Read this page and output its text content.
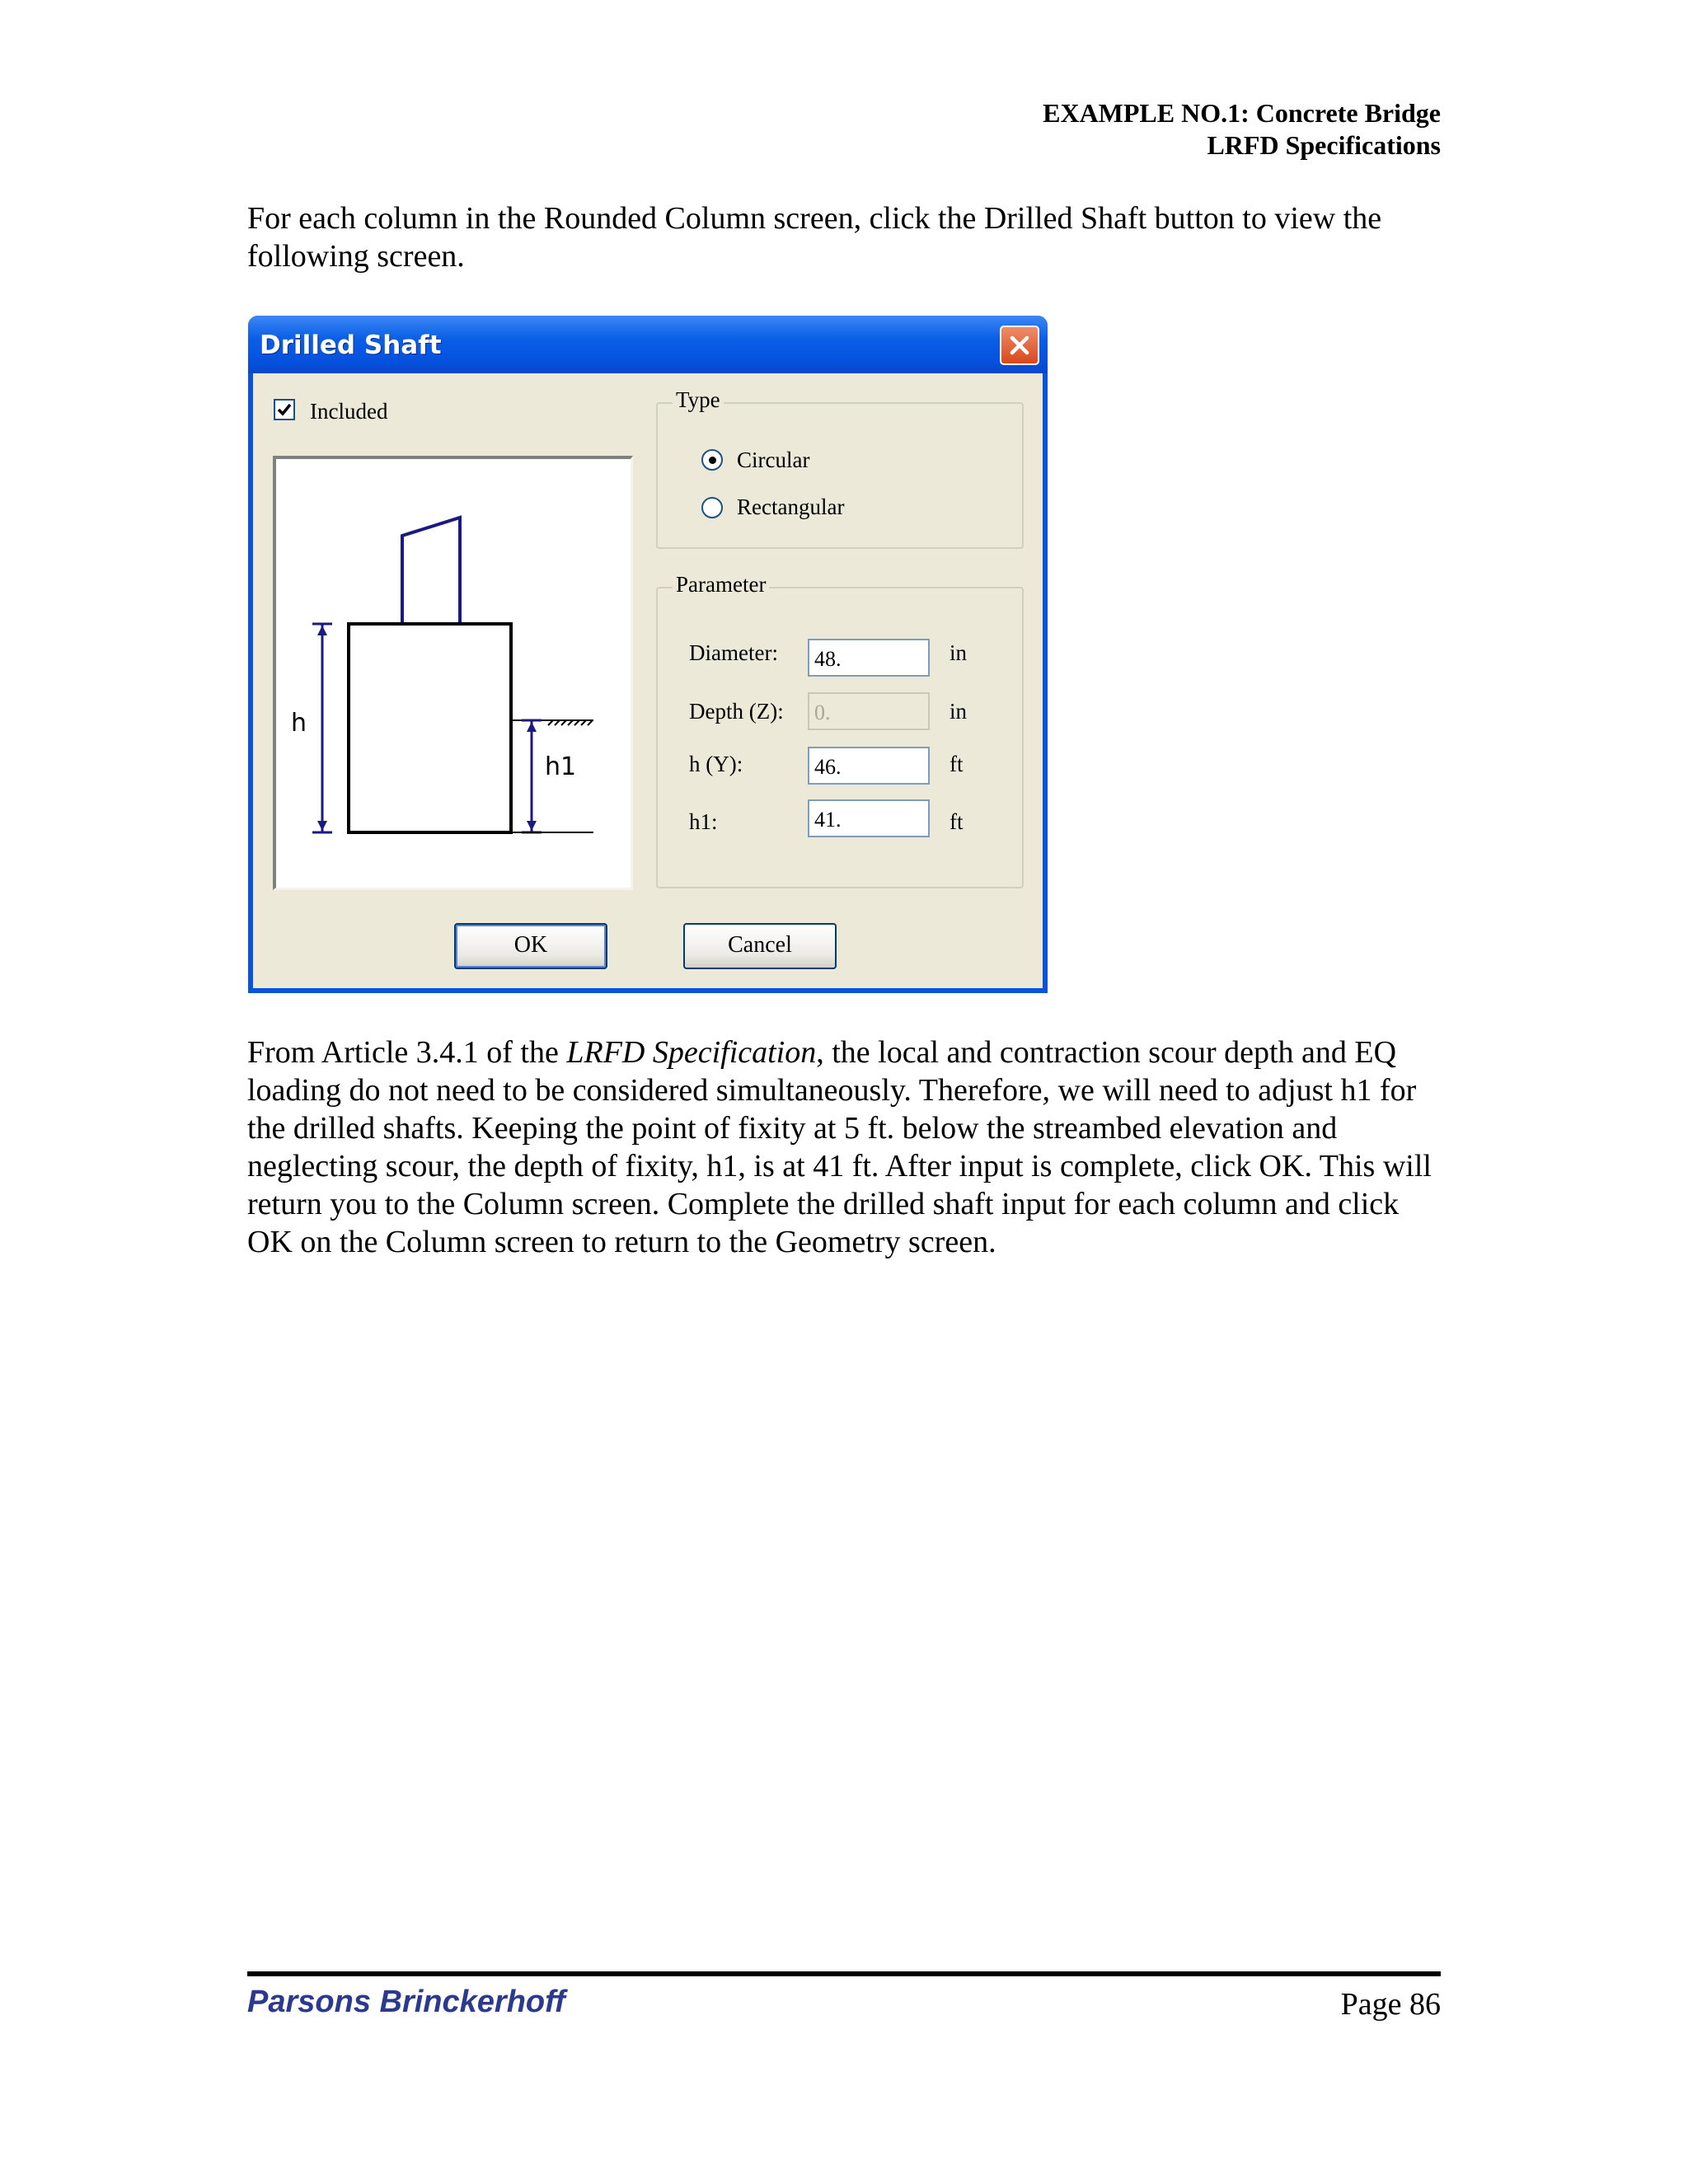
EXAMPLE NO.1: Concrete Bridge
LRFD Specifications
For each column in the Rounded Column screen, click the Drilled Shaft button to view the following screen.
Drilled Shaft
Included
h
h1
Type
Circular
Rectangular
Parameter
Diameter:	48.	in
Depth (Z):	0.	in
h (Y):	46.	ft
h1:	41.	ft
OK	Cancel
From Article 3.4.1 of the LRFD Specification, the local and contraction scour depth and EQ loading do not need to be considered simultaneously. Therefore, we will need to adjust h1 for the drilled shafts. Keeping the point of fixity at 5 ft. below the streambed elevation and neglecting scour, the depth of fixity, h1, is at 41 ft. After input is complete, click OK. This will return you to the Column screen. Complete the drilled shaft input for each column and click OK on the Column screen to return to the Geometry screen.
Parsons Brinckerhoff	Page 86
